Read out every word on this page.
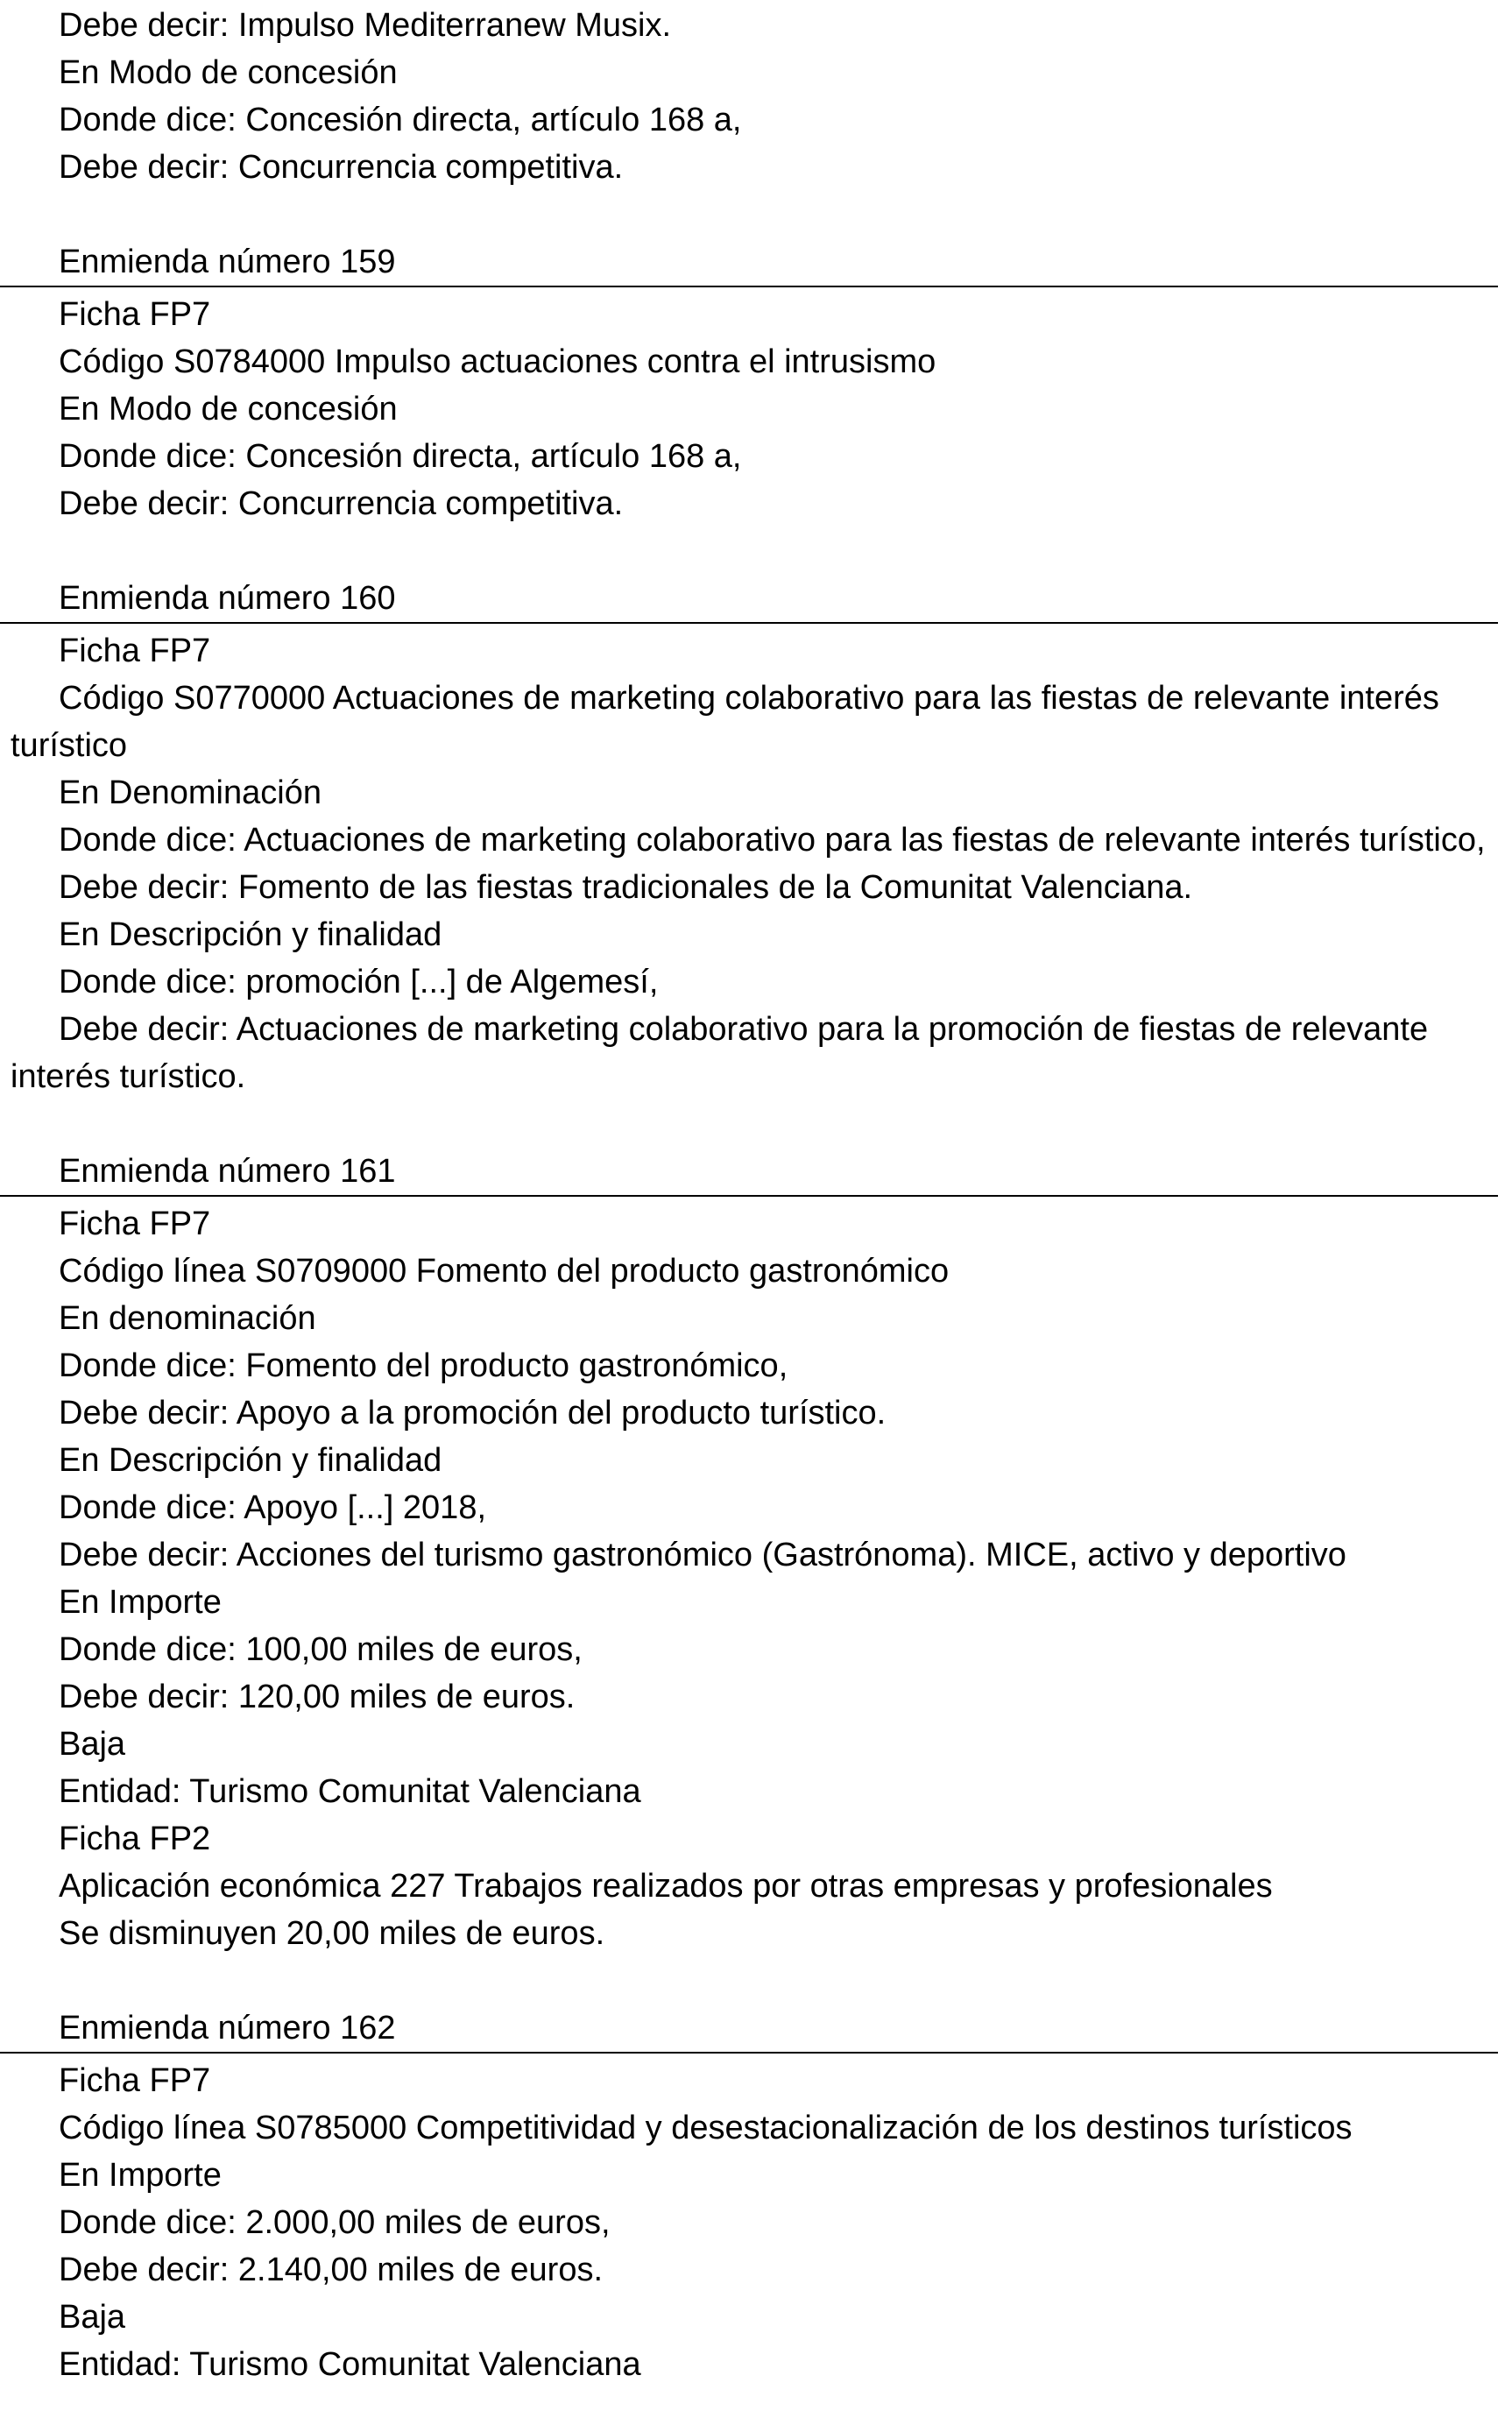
Debe decir: Impulso Mediterranew Musix.

En Modo de concesión

Donde dice: Concesión directa, artículo 168 a,

Debe decir: Concurrencia competitiva.

Enmienda número 159

Ficha FP7

Código S0784000 Impulso actuaciones contra el intrusismo

En Modo de concesión

Donde dice: Concesión directa, artículo 168 a,

Debe decir: Concurrencia competitiva.

Enmienda número 160

Ficha FP7

Código S0770000 Actuaciones de marketing colaborativo para las fiestas de relevante interés turístico

En Denominación

Donde dice: Actuaciones de marketing colaborativo para las fiestas de relevante interés turístico,

Debe decir: Fomento de las fiestas tradicionales de la Comunitat Valenciana.

En Descripción y finalidad

Donde dice: promoción [...] de Algemesí,

Debe decir: Actuaciones de marketing colaborativo para la promoción de fiestas de relevante interés turístico.

Enmienda número 161

Ficha FP7

Código línea S0709000 Fomento del producto gastronómico

En denominación

Donde dice: Fomento del producto gastronómico,

Debe decir: Apoyo a la promoción del producto turístico.

En Descripción y finalidad

Donde dice: Apoyo [...] 2018,

Debe decir: Acciones del turismo gastronómico (Gastrónoma). MICE, activo y deportivo

En Importe

Donde dice: 100,00 miles de euros,

Debe decir: 120,00 miles de euros.

Baja

Entidad: Turismo Comunitat Valenciana

Ficha FP2

Aplicación económica 227 Trabajos realizados por otras empresas y profesionales

Se disminuyen 20,00 miles de euros.

Enmienda número 162

Ficha FP7

Código línea S0785000 Competitividad y desestacionalización de los destinos turísticos

En Importe

Donde dice: 2.000,00 miles de euros,

Debe decir: 2.140,00 miles de euros.

Baja

Entidad: Turismo Comunitat Valenciana
